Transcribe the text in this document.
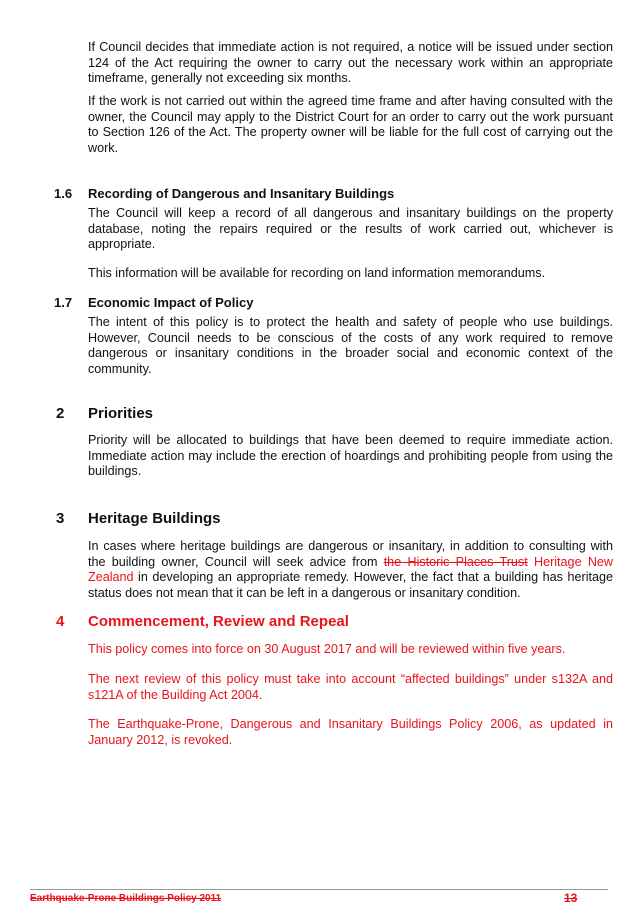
If Council decides that immediate action is not required, a notice will be issued under section 124 of the Act requiring the owner to carry out the necessary work within an appropriate timeframe, generally not exceeding six months.

If the work is not carried out within the agreed time frame and after having consulted with the owner, the Council may apply to the District Court for an order to carry out the work pursuant to Section 126 of the Act. The property owner will be liable for the full cost of carrying out the work.

1.6 Recording of Dangerous and Insanitary Buildings

The Council will keep a record of all dangerous and insanitary buildings on the property database, noting the repairs required or the results of work carried out, whichever is appropriate.

This information will be available for recording on land information memorandums.

1.7 Economic Impact of Policy

The intent of this policy is to protect the health and safety of people who use buildings. However, Council needs to be conscious of the costs of any work required to remove dangerous or insanitary conditions in the broader social and economic context of the community.

2 Priorities

Priority will be allocated to buildings that have been deemed to require immediate action. Immediate action may include the erection of hoardings and prohibiting people from using the buildings.

3 Heritage Buildings

In cases where heritage buildings are dangerous or insanitary, in addition to consulting with the building owner, Council will seek advice from the Historic Places Trust Heritage New Zealand in developing an appropriate remedy. However, the fact that a building has heritage status does not mean that it can be left in a dangerous or insanitary condition.

4 Commencement, Review and Repeal

This policy comes into force on 30 August 2017 and will be reviewed within five years.

The next review of this policy must take into account “affected buildings” under s132A and s121A of the Building Act 2004.

The Earthquake-Prone, Dangerous and Insanitary Buildings Policy 2006, as updated in January 2012, is revoked.

Earthquake-Prone Buildings Policy 2011	13
